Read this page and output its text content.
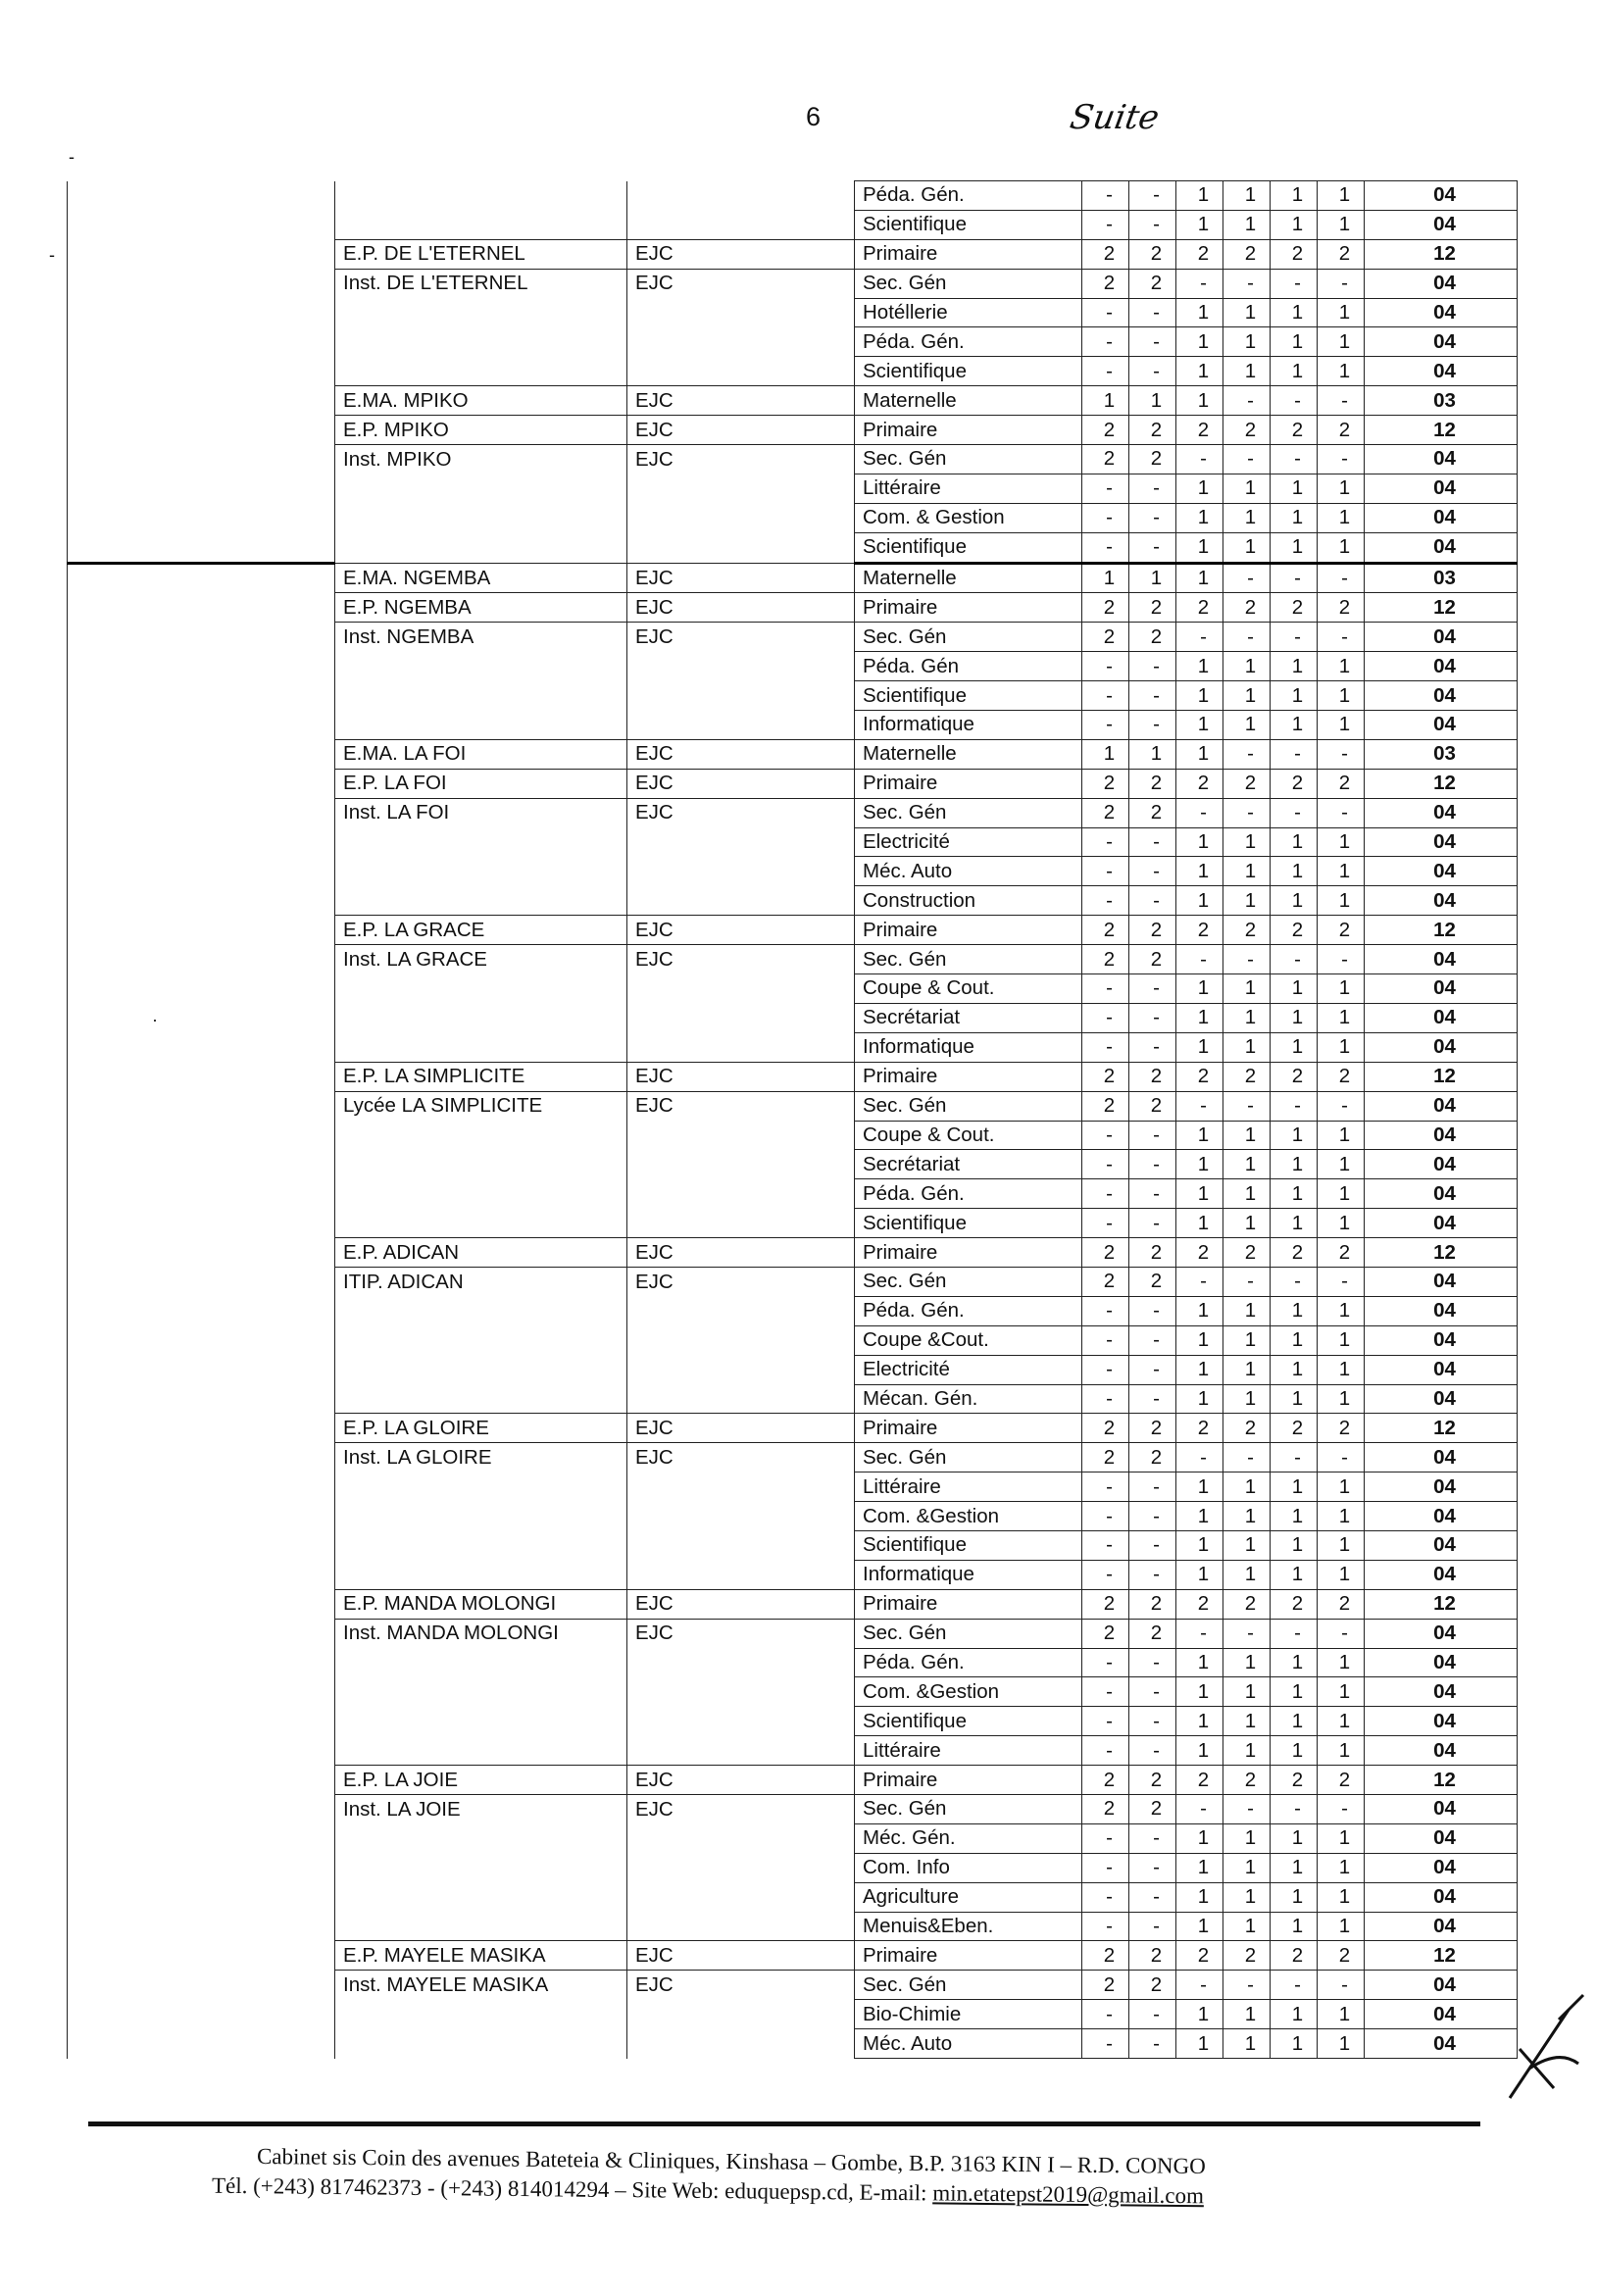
6	Suite
-
-
·
			Péda. Gén.	-	-	1	1	1	1	04
			Scientifique	-	-	1	1	1	1	04
	E.P. DE L'ETERNEL	EJC	Primaire	2	2	2	2	2	2	12
	Inst. DE L'ETERNEL	EJC	Sec. Gén	2	2	-	-	-	-	04
			Hotéllerie	-	-	1	1	1	1	04
			Péda. Gén.	-	-	1	1	1	1	04
			Scientifique	-	-	1	1	1	1	04
	E.MA. MPIKO	EJC	Maternelle	1	1	1	-	-	-	03
	E.P. MPIKO	EJC	Primaire	2	2	2	2	2	2	12
	Inst. MPIKO	EJC	Sec. Gén	2	2	-	-	-	-	04
			Littéraire	-	-	1	1	1	1	04
			Com. & Gestion	-	-	1	1	1	1	04
			Scientifique	-	-	1	1	1	1	04
	E.MA. NGEMBA	EJC	Maternelle	1	1	1	-	-	-	03
	E.P. NGEMBA	EJC	Primaire	2	2	2	2	2	2	12
	Inst. NGEMBA	EJC	Sec. Gén	2	2	-	-	-	-	04
			Péda. Gén	-	-	1	1	1	1	04
			Scientifique	-	-	1	1	1	1	04
			Informatique	-	-	1	1	1	1	04
	E.MA. LA FOI	EJC	Maternelle	1	1	1	-	-	-	03
	E.P. LA FOI	EJC	Primaire	2	2	2	2	2	2	12
	Inst. LA FOI	EJC	Sec. Gén	2	2	-	-	-	-	04
			Electricité	-	-	1	1	1	1	04
			Méc. Auto	-	-	1	1	1	1	04
			Construction	-	-	1	1	1	1	04
	E.P. LA GRACE	EJC	Primaire	2	2	2	2	2	2	12
	Inst. LA GRACE	EJC	Sec. Gén	2	2	-	-	-	-	04
			Coupe & Cout.	-	-	1	1	1	1	04
			Secrétariat	-	-	1	1	1	1	04
			Informatique	-	-	1	1	1	1	04
	E.P. LA SIMPLICITE	EJC	Primaire	2	2	2	2	2	2	12
	Lycée LA SIMPLICITE	EJC	Sec. Gén	2	2	-	-	-	-	04
			Coupe & Cout.	-	-	1	1	1	1	04
			Secrétariat	-	-	1	1	1	1	04
			Péda. Gén.	-	-	1	1	1	1	04
			Scientifique	-	-	1	1	1	1	04
	E.P. ADICAN	EJC	Primaire	2	2	2	2	2	2	12
	ITIP. ADICAN	EJC	Sec. Gén	2	2	-	-	-	-	04
			Péda. Gén.	-	-	1	1	1	1	04
			Coupe &Cout.	-	-	1	1	1	1	04
			Electricité	-	-	1	1	1	1	04
			Mécan. Gén.	-	-	1	1	1	1	04
	E.P. LA GLOIRE	EJC	Primaire	2	2	2	2	2	2	12
	Inst. LA GLOIRE	EJC	Sec. Gén	2	2	-	-	-	-	04
			Littéraire	-	-	1	1	1	1	04
			Com. &Gestion	-	-	1	1	1	1	04
			Scientifique	-	-	1	1	1	1	04
			Informatique	-	-	1	1	1	1	04
	E.P. MANDA MOLONGI	EJC	Primaire	2	2	2	2	2	2	12
	Inst. MANDA MOLONGI	EJC	Sec. Gén	2	2	-	-	-	-	04
			Péda. Gén.	-	-	1	1	1	1	04
			Com. &Gestion	-	-	1	1	1	1	04
			Scientifique	-	-	1	1	1	1	04
			Littéraire	-	-	1	1	1	1	04
	E.P. LA JOIE	EJC	Primaire	2	2	2	2	2	2	12
	Inst. LA JOIE	EJC	Sec. Gén	2	2	-	-	-	-	04
			Méc. Gén.	-	-	1	1	1	1	04
			Com. Info	-	-	1	1	1	1	04
			Agriculture	-	-	1	1	1	1	04
			Menuis&Eben.	-	-	1	1	1	1	04
	E.P. MAYELE MASIKA	EJC	Primaire	2	2	2	2	2	2	12
	Inst. MAYELE MASIKA	EJC	Sec. Gén	2	2	-	-	-	-	04
			Bio-Chimie	-	-	1	1	1	1	04
			Méc. Auto	-	-	1	1	1	1	04
Cabinet sis Coin des avenues Bateteia & Cliniques, Kinshasa – Gombe, B.P. 3163 KIN I – R.D. CONGO
Tél. (+243) 817462373 - (+243) 814014294 – Site Web: eduquepsp.cd, E-mail: min.etatepst2019@gmail.com
